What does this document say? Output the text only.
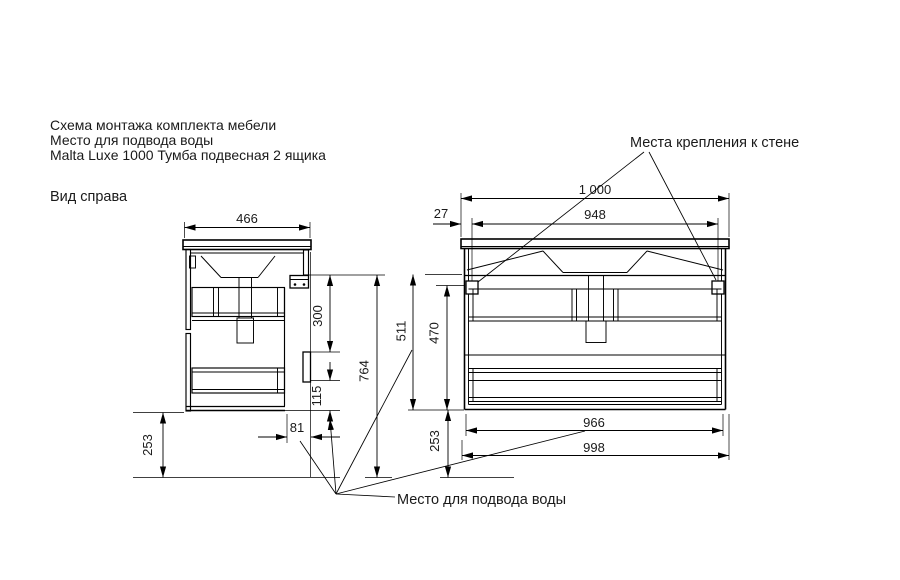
Схема монтажа комплекта мебели
Место для подвода воды
Malta Luxe 1000 Тумба подвесная 2 ящика
Вид справа
466
253
81
300
115
764
1 000
27	948
511 470
253
966
998
Места крепления к стене
Место для подвода воды
